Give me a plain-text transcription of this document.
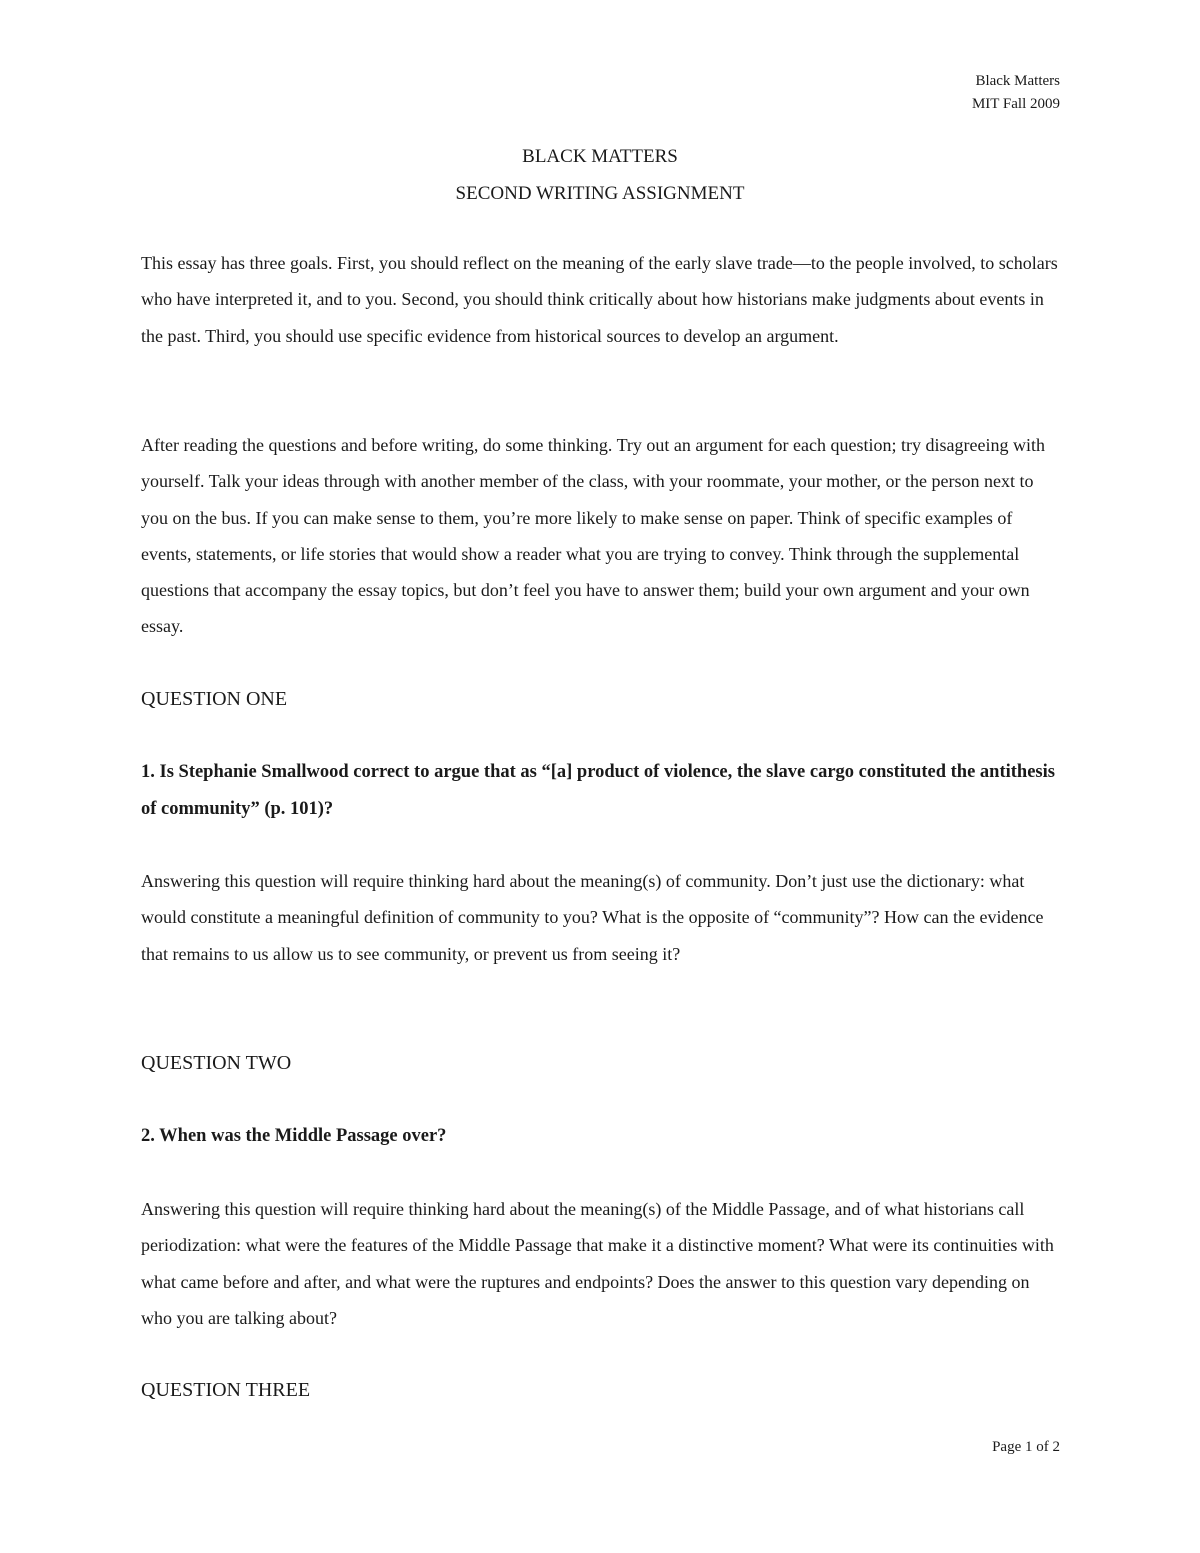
Black Matters
MIT Fall 2009
BLACK MATTERS
SECOND WRITING ASSIGNMENT

This essay has three goals. First, you should reflect on the meaning of the early slave trade—to the people involved, to scholars who have interpreted it, and to you. Second, you should think critically about how historians make judgments about events in the past. Third, you should use specific evidence from historical sources to develop an argument.

After reading the questions and before writing, do some thinking. Try out an argument for each question; try disagreeing with yourself. Talk your ideas through with another member of the class, with your roommate, your mother, or the person next to you on the bus. If you can make sense to them, you’re more likely to make sense on paper. Think of specific examples of events, statements, or life stories that would show a reader what you are trying to convey. Think through the supplemental questions that accompany the essay topics, but don’t feel you have to answer them; build your own argument and your own essay.

QUESTION ONE
1. Is Stephanie Smallwood correct to argue that as “[a] product of violence, the slave cargo constituted the antithesis of community” (p. 101)?

Answering this question will require thinking hard about the meaning(s) of community. Don’t just use the dictionary: what would constitute a meaningful definition of community to you? What is the opposite of “community”? How can the evidence that remains to us allow us to see community, or prevent us from seeing it?

QUESTION TWO
2. When was the Middle Passage over?

Answering this question will require thinking hard about the meaning(s) of the Middle Passage, and of what historians call periodization: what were the features of the Middle Passage that make it a distinctive moment? What were its continuities with what came before and after, and what were the ruptures and endpoints? Does the answer to this question vary depending on who you are talking about?

QUESTION THREE
Page 1 of 2
